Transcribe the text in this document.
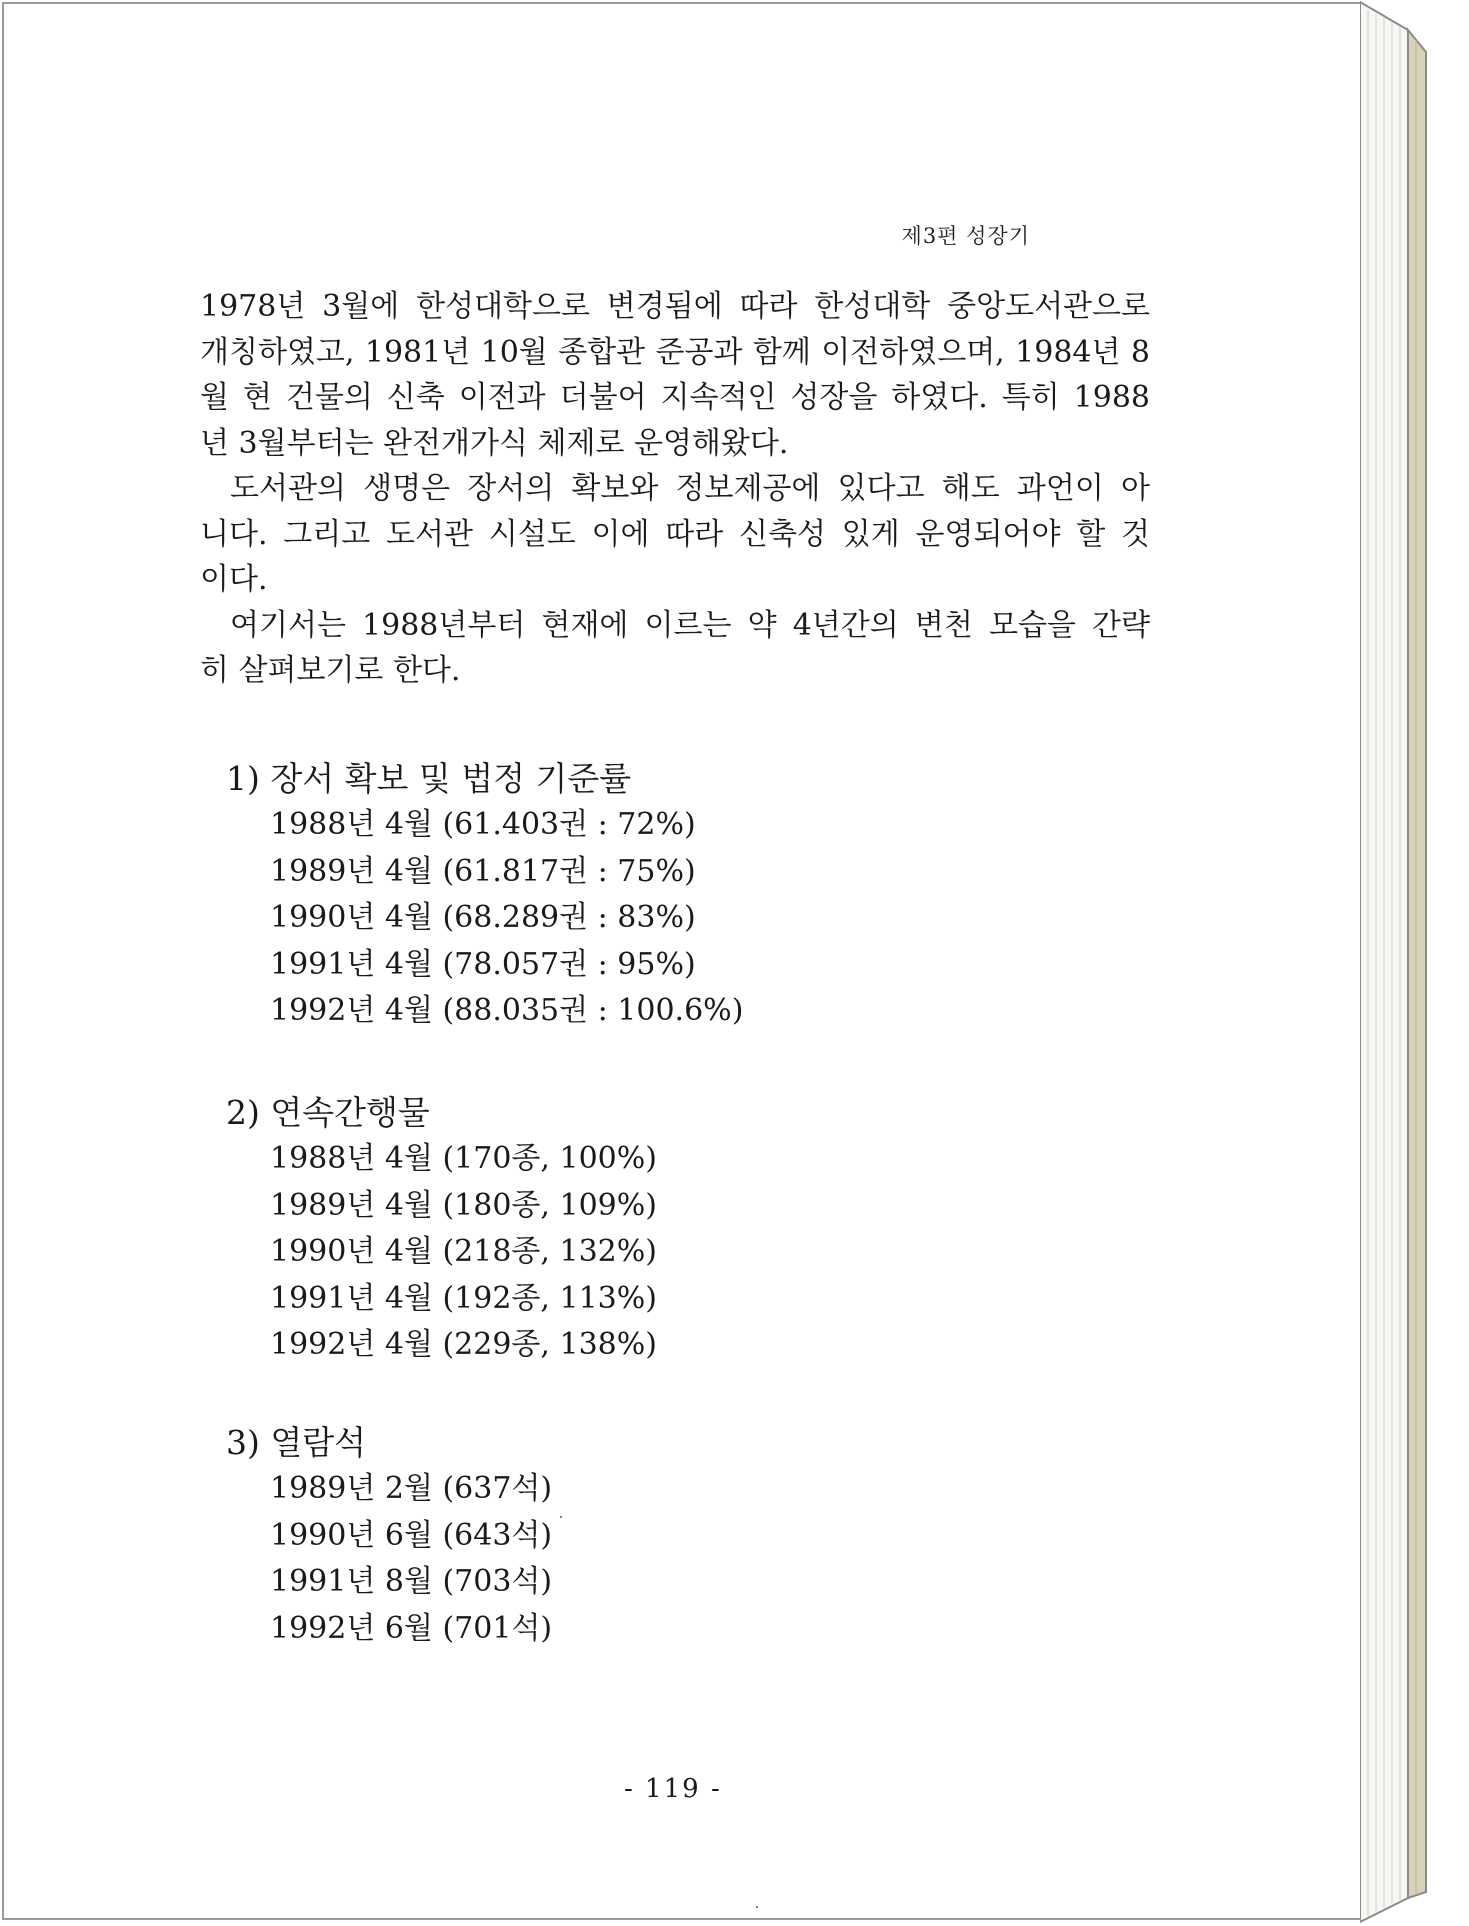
제3편 성장기
1978년 3월에 한성대학으로 변경됨에 따라 한성대학 중앙도서관으로
개칭하였고, 1981년 10월 종합관 준공과 함께 이전하였으며, 1984년 8
월 현 건물의 신축 이전과 더불어 지속적인 성장을 하였다. 특히 1988
년 3월부터는 완전개가식 체제로 운영해왔다.
도서관의 생명은 장서의 확보와 정보제공에 있다고 해도 과언이 아
니다. 그리고 도서관 시설도 이에 따라 신축성 있게 운영되어야 할 것
이다.
여기서는 1988년부터 현재에 이르는 약 4년간의 변천 모습을 간략
히 살펴보기로 한다.
1) 장서 확보 및 법정 기준률
1988년 4월 (61.403권 : 72%)
1989년 4월 (61.817권 : 75%)
1990년 4월 (68.289권 : 83%)
1991년 4월 (78.057권 : 95%)
1992년 4월 (88.035권 : 100.6%)
2) 연속간행물
1988년 4월 (170종, 100%)
1989년 4월 (180종, 109%)
1990년 4월 (218종, 132%)
1991년 4월 (192종, 113%)
1992년 4월 (229종, 138%)
3) 열람석
1989년 2월 (637석)
1990년 6월 (643석)
1991년 8월 (703석)
1992년 6월 (701석)
- 119 -
